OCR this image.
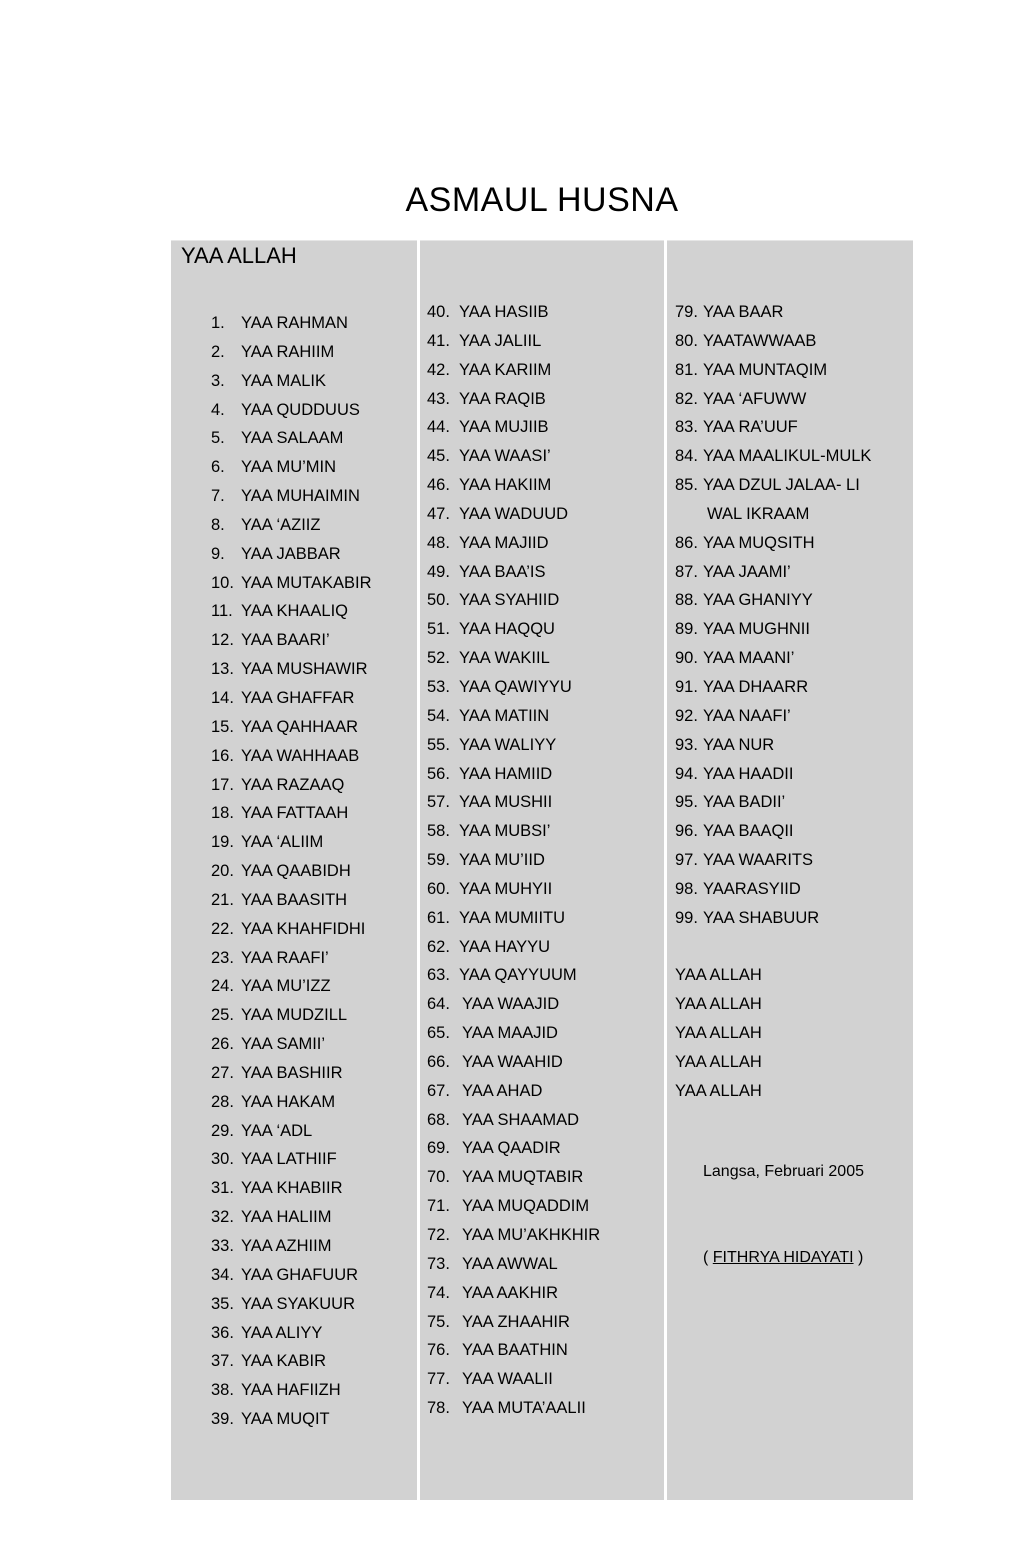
ASMAUL HUSNA
YAA ALLAH
1. YAA RAHMAN
2. YAA RAHIIM
3. YAA MALIK
4. YAA QUDDUUS
5. YAA SALAAM
6. YAA MU’MIN
7. YAA MUHAIMIN
8. YAA ‘AZIIZ
9. YAA JABBAR
10. YAA MUTAKABIR
11. YAA KHAALIQ
12. YAA BAARI’
13. YAA MUSHAWIR
14. YAA GHAFFAR
15. YAA QAHHAAR
16. YAA WAHHAAB
17. YAA RAZAAQ
18. YAA FATTAAH
19. YAA ‘ALIIM
20. YAA QAABIDH
21. YAA BAASITH
22. YAA KHAHFIDHI
23. YAA RAAFI’
24. YAA MU’IZZ
25. YAA MUDZILL
26. YAA SAMII’
27. YAA BASHIIR
28. YAA HAKAM
29. YAA ‘ADL
30. YAA LATHIIF
31. YAA KHABIIR
32. YAA HALIIM
33. YAA AZHIIM
34. YAA GHAFUUR
35. YAA SYAKUUR
36. YAA ALIYY
37. YAA KABIR
38. YAA HAFIIZH
39. YAA MUQIT
40. YAA HASIIB
41. YAA JALIIL
42. YAA KARIIM
43. YAA RAQIB
44. YAA MUJIIB
45. YAA WAASI’
46. YAA HAKIIM
47. YAA WADUUD
48. YAA MAJIID
49. YAA BAA’IS
50. YAA SYAHIID
51. YAA HAQQU
52. YAA WAKIIL
53. YAA QAWIYYU
54. YAA MATIIN
55. YAA WALIYY
56. YAA HAMIID
57. YAA MUSHII
58. YAA MUBSI’
59. YAA MU’IID
60. YAA MUHYII
61. YAA MUMIITU
62. YAA HAYYU
63. YAA QAYYUUM
64. YAA WAAJID
65. YAA MAAJID
66. YAA WAAHID
67. YAA AHAD
68. YAA SHAAMAD
69. YAA QAADIR
70. YAA MUQTABIR
71. YAA MUQADDIM
72. YAA MU’AKHKHIR
73. YAA AWWAL
74. YAA AAKHIR
75. YAA ZHAAHIR
76. YAA BAATHIN
77. YAA WAALII
78. YAA MUTA’AALII
79. YAA BAAR
80. YAATAWWAAB
81. YAA MUNTAQIM
82. YAA ‘AFUWW
83. YAA RA’UUF
84. YAA MAALIKUL-MULK
85. YAA DZUL JALAA- LI
WAL IKRAAM
86. YAA MUQSITH
87. YAA JAAMI’
88. YAA GHANIYY
89. YAA MUGHNII
90. YAA MAANI’
91. YAA DHAARR
92. YAA NAAFI’
93. YAA NUR
94. YAA HAADII
95. YAA BADII’
96. YAA BAAQII
97. YAA WAARITS
98. YAARASYIID
99. YAA SHABUUR
YAA ALLAH
YAA ALLAH
YAA ALLAH
YAA ALLAH
YAA ALLAH
Langsa, Februari 2005
( FITHRYA HIDAYATI )
